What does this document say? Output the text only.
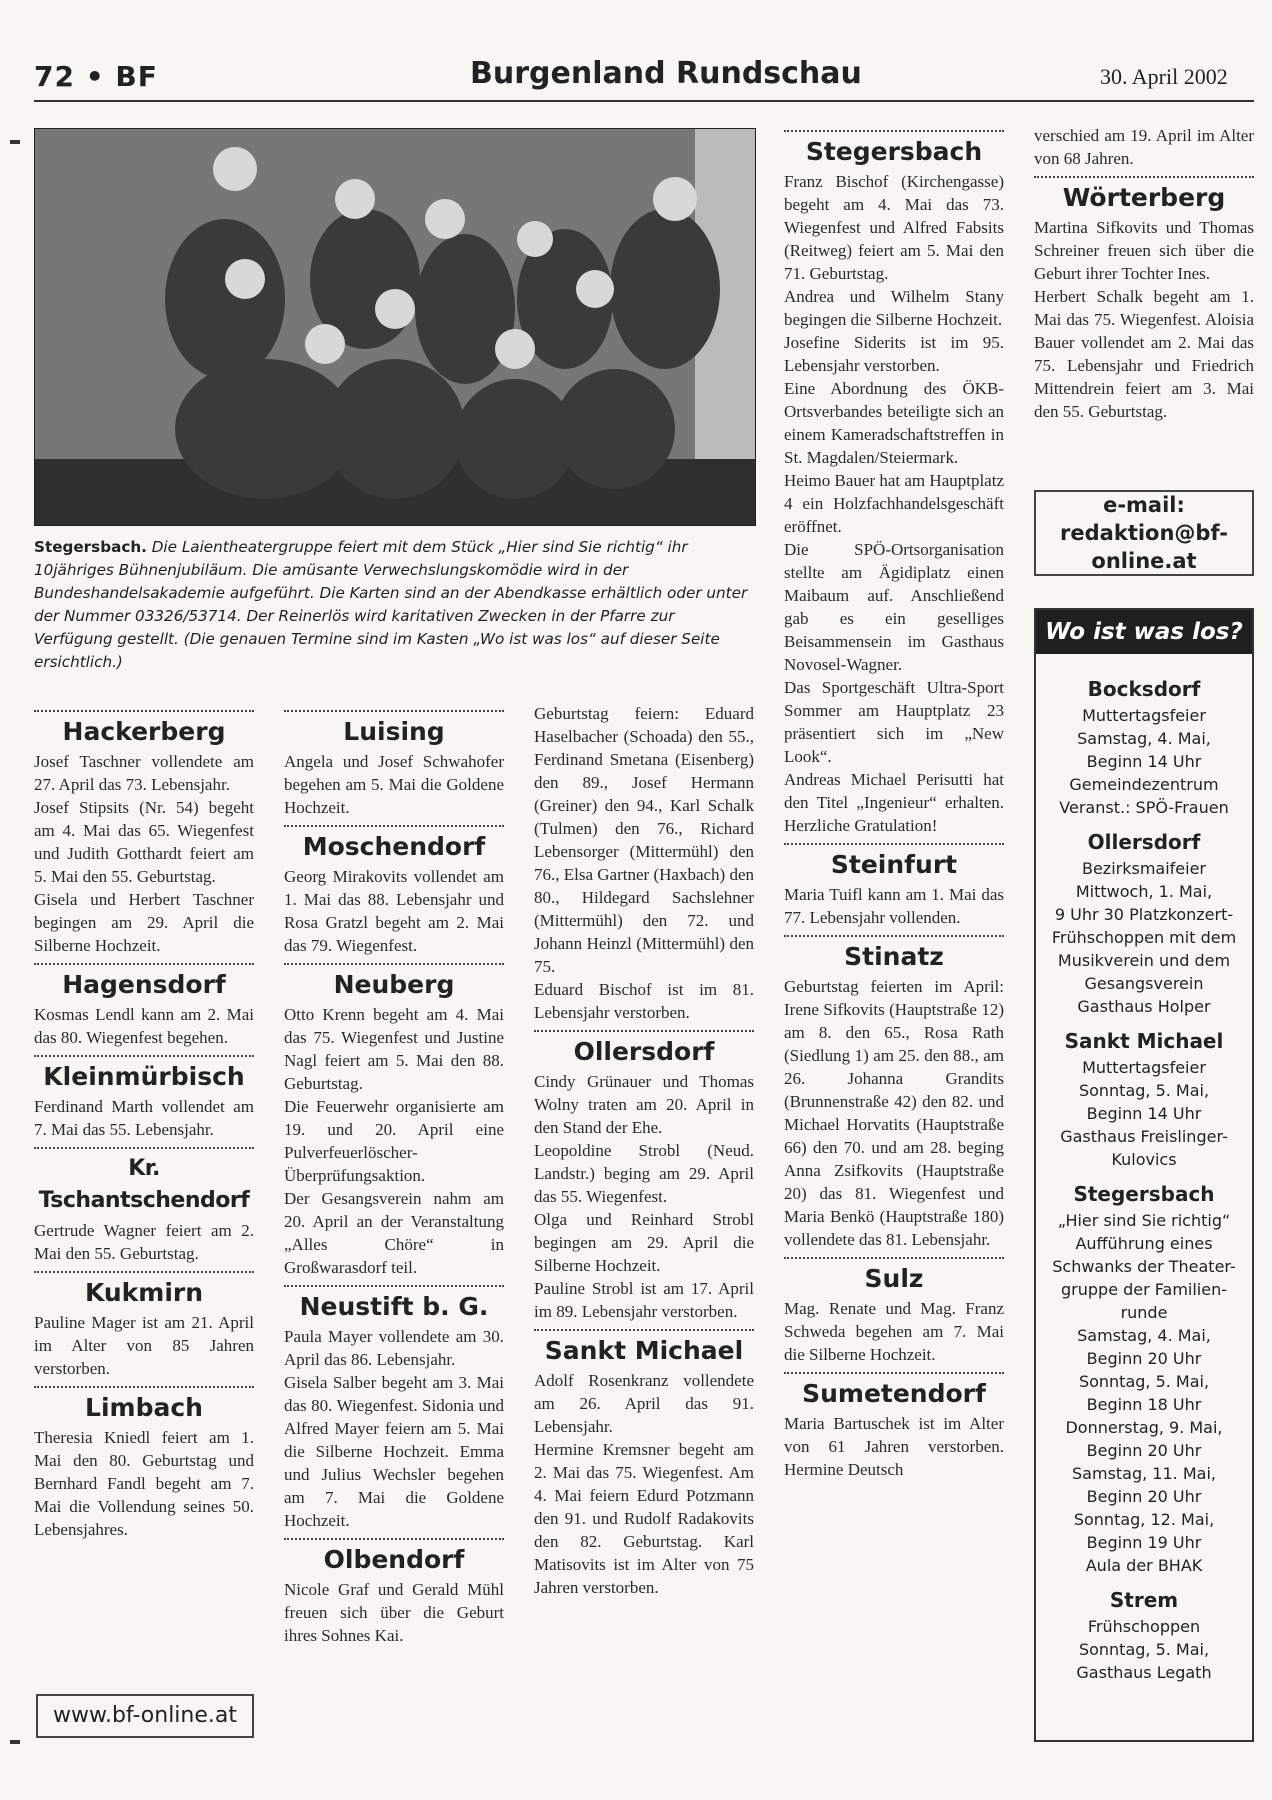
72 • BF	Burgenland Rundschau	30. April 2002
Stegersbach. Die Laientheatergruppe feiert mit dem Stück „Hier sind Sie richtig“ ihr 10jähriges Bühnenjubiläum. Die amüsante Verwechslungskomödie wird in der Bundeshandelsakademie aufgeführt. Die Karten sind an der Abendkasse erhältlich oder unter der Nummer 03326/53714. Der Reinerlös wird karitativen Zwecken in der Pfarre zur Verfügung gestellt. (Die genauen Termine sind im Kasten „Wo ist was los“ auf dieser Seite ersichtlich.)
Hackerberg

Josef Taschner vollendete am 27. April das 73. Lebensjahr.

Josef Stipsits (Nr. 54) begeht am 4. Mai das 65. Wiegenfest und Judith Gotthardt feiert am 5. Mai den 55. Geburtstag.

Gisela und Herbert Taschner begingen am 29. April die Silberne Hochzeit.

Hagensdorf

Kosmas Lendl kann am 2. Mai das 80. Wiegenfest begehen.

Kleinmürbisch

Ferdinand Marth vollendet am 7. Mai das 55. Lebensjahr.

Kr. Tschantschendorf

Gertrude Wagner feiert am 2. Mai den 55. Geburtstag.

Kukmirn

Pauline Mager ist am 21. April im Alter von 85 Jahren verstorben.

Limbach

Theresia Kniedl feiert am 1. Mai den 80. Geburtstag und Bernhard Fandl begeht am 7. Mai die Vollendung seines 50. Lebensjahres.

www.bf-online.at
Luising

Angela und Josef Schwahofer begehen am 5. Mai die Goldene Hochzeit.

Moschendorf

Georg Mirakovits vollendet am 1. Mai das 88. Lebensjahr und Rosa Gratzl begeht am 2. Mai das 79. Wiegenfest.

Neuberg

Otto Krenn begeht am 4. Mai das 75. Wiegenfest und Justine Nagl feiert am 5. Mai den 88. Geburtstag.

Die Feuerwehr organisierte am 19. und 20. April eine Pulverfeuerlöscher-Überprüfungsaktion.

Der Gesangsverein nahm am 20. April an der Veranstaltung „Alles Chöre“ in Großwarasdorf teil.

Neustift b. G.

Paula Mayer vollendete am 30. April das 86. Lebensjahr.

Gisela Salber begeht am 3. Mai das 80. Wiegenfest. Sidonia und Alfred Mayer feiern am 5. Mai die Silberne Hochzeit. Emma und Julius Wechsler begehen am 7. Mai die Goldene Hochzeit.

Olbendorf

Nicole Graf und Gerald Mühl freuen sich über die Geburt ihres Sohnes Kai.

Geburtstag feiern: Eduard Haselbacher (Schoada) den 55., Ferdinand Smetana (Eisenberg) den 89., Josef Hermann (Greiner) den 94., Karl Schalk (Tulmen) den 76., Richard Lebensorger (Mittermühl) den 76., Elsa Gartner (Haxbach) den 80., Hildegard Sachslehner (Mittermühl) den 72. und Johann Heinzl (Mittermühl) den 75.

Eduard Bischof ist im 81. Lebensjahr verstorben.

Ollersdorf

Cindy Grünauer und Thomas Wolny traten am 20. April in den Stand der Ehe.

Leopoldine Strobl (Neud. Landstr.) beging am 29. April das 55. Wiegenfest.

Olga und Reinhard Strobl begingen am 29. April die Silberne Hochzeit.

Pauline Strobl ist am 17. April im 89. Lebensjahr verstorben.

Sankt Michael

Adolf Rosenkranz vollendete am 26. April das 91. Lebensjahr.

Hermine Kremsner begeht am 2. Mai das 75. Wiegenfest. Am 4. Mai feiern Edurd Potzmann den 91. und Rudolf Radakovits den 82. Geburtstag. Karl Matisovits ist im Alter von 75 Jahren verstorben.

Stegersbach

Franz Bischof (Kirchengasse) begeht am 4. Mai das 73. Wiegenfest und Alfred Fabsits (Reitweg) feiert am 5. Mai den 71. Geburtstag.

Andrea und Wilhelm Stany begingen die Silberne Hochzeit.

Josefine Siderits ist im 95. Lebensjahr verstorben.

Eine Abordnung des ÖKB-Ortsverbandes beteiligte sich an einem Kameradschaftstreffen in St. Magdalen/Steiermark.

Heimo Bauer hat am Hauptplatz 4 ein Holzfachhandelsgeschäft eröffnet.

Die SPÖ-Ortsorganisation stellte am Ägidiplatz einen Maibaum auf. Anschließend gab es ein geselliges Beisammensein im Gasthaus Novosel-Wagner.

Das Sportgeschäft Ultra-Sport Sommer am Hauptplatz 23 präsentiert sich im „New Look“.

Andreas Michael Perisutti hat den Titel „Ingenieur“ erhalten. Herzliche Gratulation!

Steinfurt

Maria Tuifl kann am 1. Mai das 77. Lebensjahr vollenden.

Stinatz

Geburtstag feierten im April: Irene Sifkovits (Hauptstraße 12) am 8. den 65., Rosa Rath (Siedlung 1) am 25. den 88., am 26. Johanna Grandits (Brunnenstraße 42) den 82. und Michael Horvatits (Hauptstraße 66) den 70. und am 28. beging Anna Zsifkovits (Hauptstraße 20) das 81. Wiegenfest und Maria Benkö (Hauptstraße 180) vollendete das 81. Lebensjahr.

Sulz

Mag. Renate und Mag. Franz Schweda begehen am 7. Mai die Silberne Hochzeit.

Sumetendorf

Maria Bartuschek ist im Alter von 61 Jahren verstorben. Hermine Deutsch

verschied am 19. April im Alter von 68 Jahren.

Wörterberg

Martina Sifkovits und Thomas Schreiner freuen sich über die Geburt ihrer Tochter Ines.

Herbert Schalk begeht am 1. Mai das 75. Wiegenfest. Aloisia Bauer vollendet am 2. Mai das 75. Lebensjahr und Friedrich Mittendrein feiert am 3. Mai den 55. Geburtstag.

e-mail: redaktion@bf-online.at
Wo ist was los?
Bocksdorf
Muttertagsfeier
Samstag, 4. Mai,
Beginn 14 Uhr
Gemeindezentrum
Veranst.: SPÖ-Frauen
Ollersdorf
Bezirksmaifeier
Mittwoch, 1. Mai,
9 Uhr 30 Platzkonzert-
Frühschoppen mit dem
Musikverein und dem
Gesangsverein
Gasthaus Holper
Sankt Michael
Muttertagsfeier
Sonntag, 5. Mai,
Beginn 14 Uhr
Gasthaus Freislinger-
Kulovics
Stegersbach
„Hier sind Sie richtig“
Aufführung eines
Schwanks der Theater-
gruppe der Familien-
runde
Samstag, 4. Mai,
Beginn 20 Uhr
Sonntag, 5. Mai,
Beginn 18 Uhr
Donnerstag, 9. Mai,
Beginn 20 Uhr
Samstag, 11. Mai,
Beginn 20 Uhr
Sonntag, 12. Mai,
Beginn 19 Uhr
Aula der BHAK
Strem
Frühschoppen
Sonntag, 5. Mai,
Gasthaus Legath
